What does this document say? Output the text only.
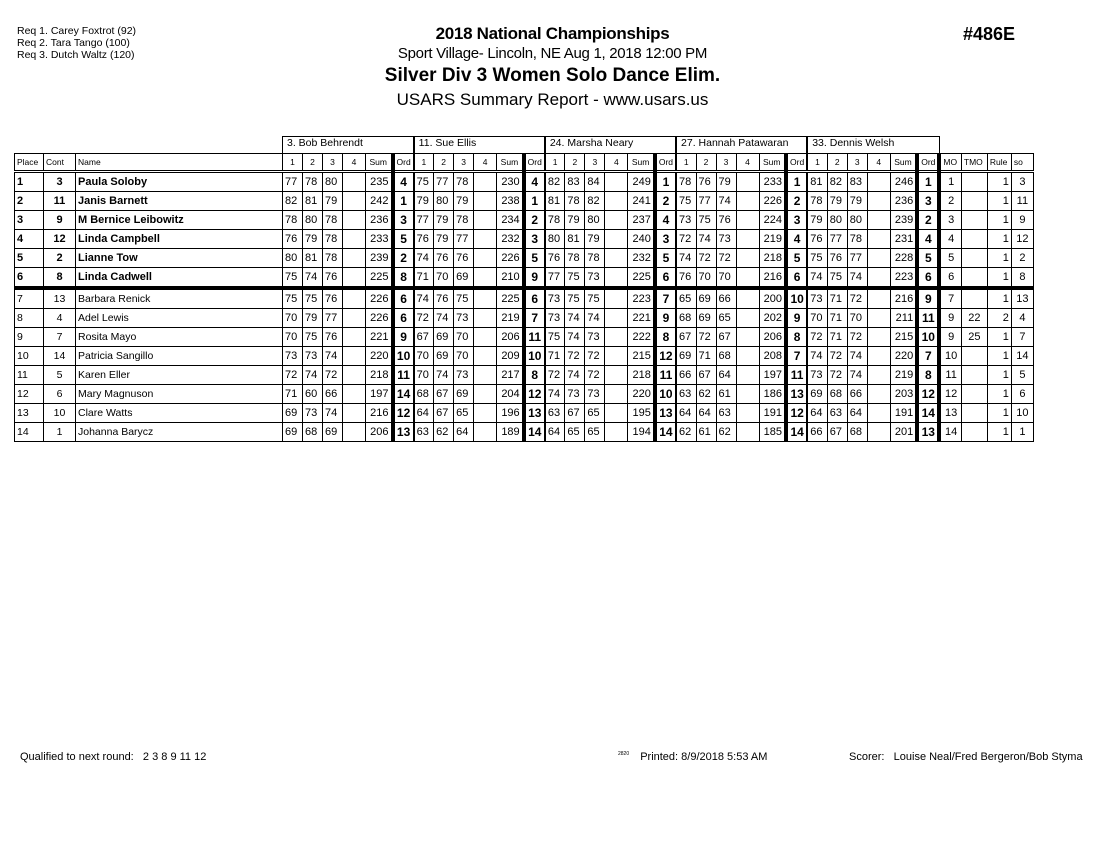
Req 1. Carey Foxtrot (92)
Req 2. Tara Tango (100)
Req 3. Dutch Waltz (120)
2018 National Championships
Sport Village- Lincoln, NE Aug 1, 2018 12:00 PM
Silver Div 3 Women Solo Dance Elim.
USARS Summary Report - www.usars.us
#486E
			3. Bob Behrendt						11. Sue Ellis						24. Marsha Neary						27. Hannah Patawaran						33. Dennis Welsh									
Place	Cont	Name	1	2	3	4	Sum	Ord	1	2	3	4	Sum	Ord	1	2	3	4	Sum	Ord	1	2	3	4	Sum	Ord	1	2	3	4	Sum	Ord	MO	TMO	Rule	so
1	3	Paula Soloby	77	78	80		235	4	75	77	78		230	4	82	83	84		249	1	78	76	79		233	1	81	82	83		246	1	1		1	3
2	11	Janis Barnett	82	81	79		242	1	79	80	79		238	1	81	78	82		241	2	75	77	74		226	2	78	79	79		236	3	2		1	11
3	9	M Bernice Leibowitz	78	80	78		236	3	77	79	78		234	2	78	79	80		237	4	73	75	76		224	3	79	80	80		239	2	3		1	9
4	12	Linda Campbell	76	79	78		233	5	76	79	77		232	3	80	81	79		240	3	72	74	73		219	4	76	77	78		231	4	4		1	12
5	2	Lianne Tow	80	81	78		239	2	74	76	76		226	5	76	78	78		232	5	74	72	72		218	5	75	76	77		228	5	5		1	2
6	8	Linda Cadwell	75	74	76		225	8	71	70	69		210	9	77	75	73		225	6	76	70	70		216	6	74	75	74		223	6	6		1	8
7	13	Barbara Renick	75	75	76		226	6	74	76	75		225	6	73	75	75		223	7	65	69	66		200	10	73	71	72		216	9	7		1	13
8	4	Adel Lewis	70	79	77		226	6	72	74	73		219	7	73	74	74		221	9	68	69	65		202	9	70	71	70		211	11	9	22	2	4
9	7	Rosita Mayo	70	75	76		221	9	67	69	70		206	11	75	74	73		222	8	67	72	67		206	8	72	71	72		215	10	9	25	1	7
10	14	Patricia Sangillo	73	73	74		220	10	70	69	70		209	10	71	72	72		215	12	69	71	68		208	7	74	72	74		220	7	10		1	14
11	5	Karen Eller	72	74	72		218	11	70	74	73		217	8	72	74	72		218	11	66	67	64		197	11	73	72	74		219	8	11		1	5
12	6	Mary Magnuson	71	60	66		197	14	68	67	69		204	12	74	73	73		220	10	63	62	61		186	13	69	68	66		203	12	12		1	6
13	10	Clare Watts	69	73	74		216	12	64	67	65		196	13	63	67	65		195	13	64	64	63		191	12	64	63	64		191	14	13		1	10
14	1	Johanna Barycz	69	68	69		206	13	63	62	64		189	14	64	65	65		194	14	62	61	62		185	14	66	67	68		201	13	14		1	1
Qualified to next round: 2 3 8 9 11 12	$^{2820}$ Printed: 8/9/2018 5:53 AM	Scorer: Louise Neal/Fred Bergeron/Bob Styma
